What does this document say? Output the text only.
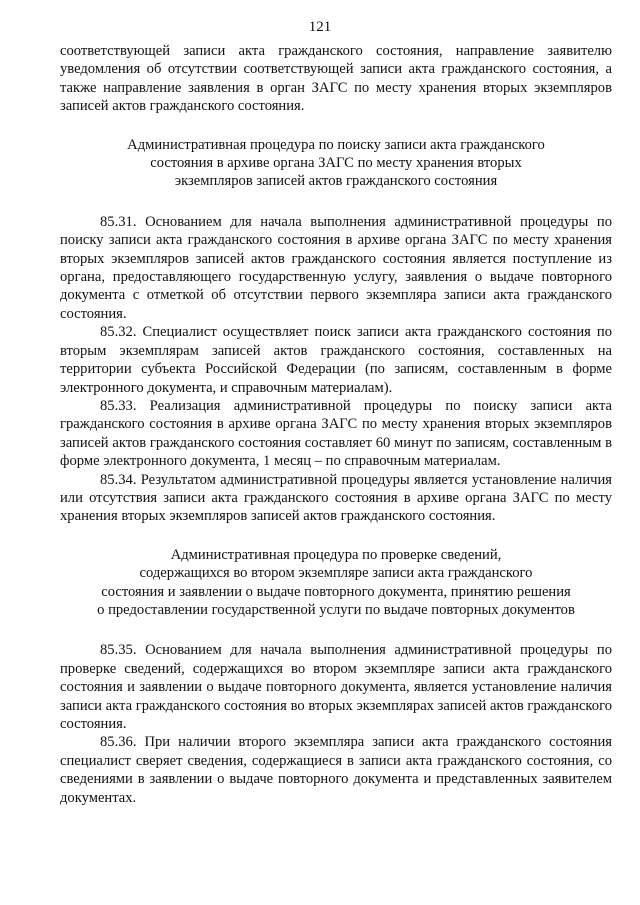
121

соответствующей записи акта гражданского состояния, направление заявителю уведомления об отсутствии соответствующей записи акта гражданского состояния, а также направление заявления в орган ЗАГС по месту хранения вторых экземпляров записей актов гражданского состояния.

Административная процедура по поиску записи акта гражданского

состояния в архиве органа ЗАГС по месту хранения вторых

экземпляров записей актов гражданского состояния

85.31. Основанием для начала выполнения административной процедуры по поиску записи акта гражданского состояния в архиве органа ЗАГС по месту хранения вторых экземпляров записей актов гражданского состояния является поступление из органа, предоставляющего государственную услугу, заявления о выдаче повторного документа с отметкой об отсутствии первого экземпляра записи акта гражданского состояния.

85.32. Специалист осуществляет поиск записи акта гражданского состояния по вторым экземплярам записей актов гражданского состояния, составленных на территории субъекта Российской Федерации (по записям, составленным в форме электронного документа, и справочным материалам).

85.33. Реализация административной процедуры по поиску записи акта гражданского состояния в архиве органа ЗАГС по месту хранения вторых экземпляров записей актов гражданского состояния составляет 60 минут по записям, составленным в форме электронного документа, 1 месяц – по справочным материалам.

85.34. Результатом административной процедуры является установление наличия или отсутствия записи акта гражданского состояния в архиве органа ЗАГС по месту хранения вторых экземпляров записей актов гражданского состояния.

Административная процедура по проверке сведений,

содержащихся во втором экземпляре записи акта гражданского

состояния и заявлении о выдаче повторного документа, принятию решения

о предоставлении государственной услуги по выдаче повторных документов

85.35. Основанием для начала выполнения административной процедуры по проверке сведений, содержащихся во втором экземпляре записи акта гражданского состояния и заявлении о выдаче повторного документа, является установление наличия записи акта гражданского состояния во вторых экземплярах записей актов гражданского состояния.

85.36. При наличии второго экземпляра записи акта гражданского состояния специалист сверяет сведения, содержащиеся в записи акта гражданского состояния, со сведениями в заявлении о выдаче повторного документа и представленных заявителем документах.
